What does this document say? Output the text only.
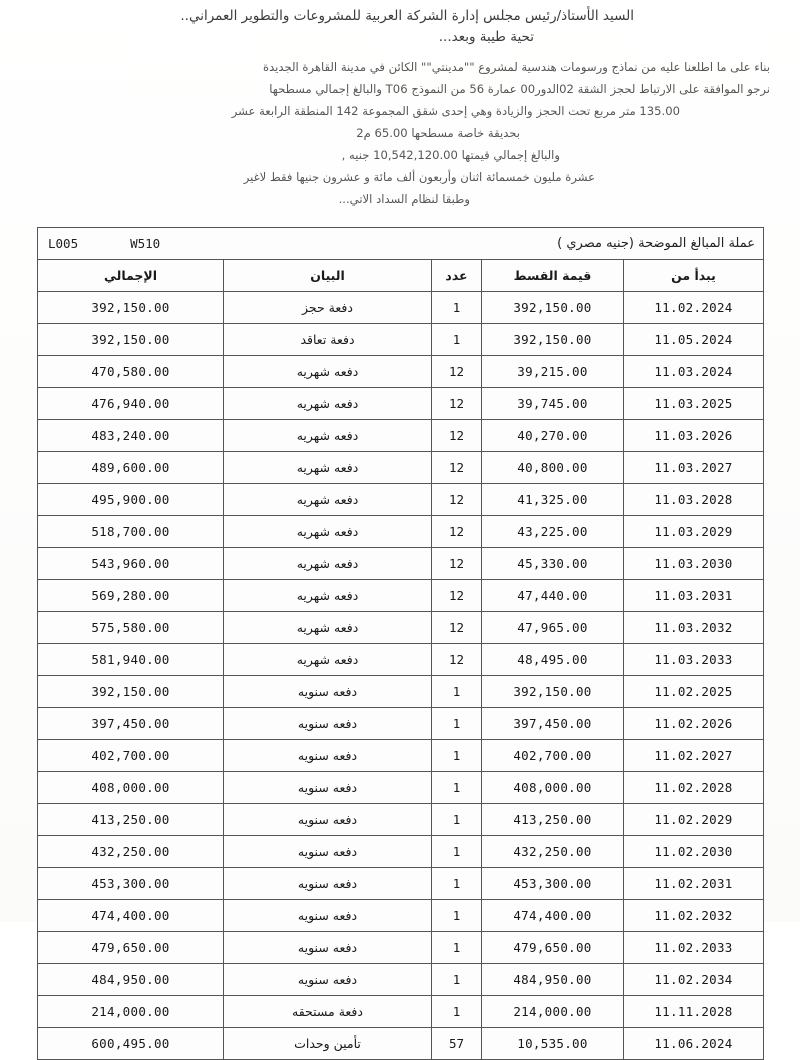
السيد الأستاذ/رئيس مجلس إدارة الشركة العربية للمشروعات والتطوير العمراني..
تحية طيبة وبعد...
بناء على ما اطلعنا عليه من نماذج ورسومات هندسية لمشروع ""مدينتي"" الكائن في مدينة القاهرة الجديدة
نرجو الموافقة على الارتباط لحجز الشقة 02الدور00 عمارة 56 من النموذج T06 والبالغ إجمالي مسطحها
135.00 متر مربع تحت الحجز والزيادة وهي إحدى شقق المجموعة 142 المنطقة الرابعة عشر
بحديقة خاصة مسطحها 65.00 م2
والبالغ إجمالي قيمتها 10,542,120.00 جنيه ,
عشرة مليون خمسمائة اثنان وأربعون ألف مائة و عشرون جنيها فقط لاغير
وطبقا لنظام السداد الاتي...
عملة المبالغ الموضحة (جنيه مصري )
L005 W510				

يبدأ من	قيمة القسط	عدد	البيان	الإجمالي
11.02.2024	392,150.00	1	دفعة حجز	392,150.00
11.05.2024	392,150.00	1	دفعة تعاقد	392,150.00
11.03.2024	39,215.00	12	دفعه شهريه	470,580.00
11.03.2025	39,745.00	12	دفعه شهريه	476,940.00
11.03.2026	40,270.00	12	دفعه شهريه	483,240.00
11.03.2027	40,800.00	12	دفعه شهريه	489,600.00
11.03.2028	41,325.00	12	دفعه شهريه	495,900.00
11.03.2029	43,225.00	12	دفعه شهريه	518,700.00
11.03.2030	45,330.00	12	دفعه شهريه	543,960.00
11.03.2031	47,440.00	12	دفعه شهريه	569,280.00
11.03.2032	47,965.00	12	دفعه شهريه	575,580.00
11.03.2033	48,495.00	12	دفعه شهريه	581,940.00
11.02.2025	392,150.00	1	دفعه سنويه	392,150.00
11.02.2026	397,450.00	1	دفعه سنويه	397,450.00
11.02.2027	402,700.00	1	دفعه سنويه	402,700.00
11.02.2028	408,000.00	1	دفعه سنويه	408,000.00
11.02.2029	413,250.00	1	دفعه سنويه	413,250.00
11.02.2030	432,250.00	1	دفعه سنويه	432,250.00
11.02.2031	453,300.00	1	دفعه سنويه	453,300.00
11.02.2032	474,400.00	1	دفعه سنويه	474,400.00
11.02.2033	479,650.00	1	دفعه سنويه	479,650.00
11.02.2034	484,950.00	1	دفعه سنويه	484,950.00
11.11.2028	214,000.00	1	دفعة مستحقه	214,000.00
11.06.2024	10,535.00	57	تأمين وحدات	600,495.00
